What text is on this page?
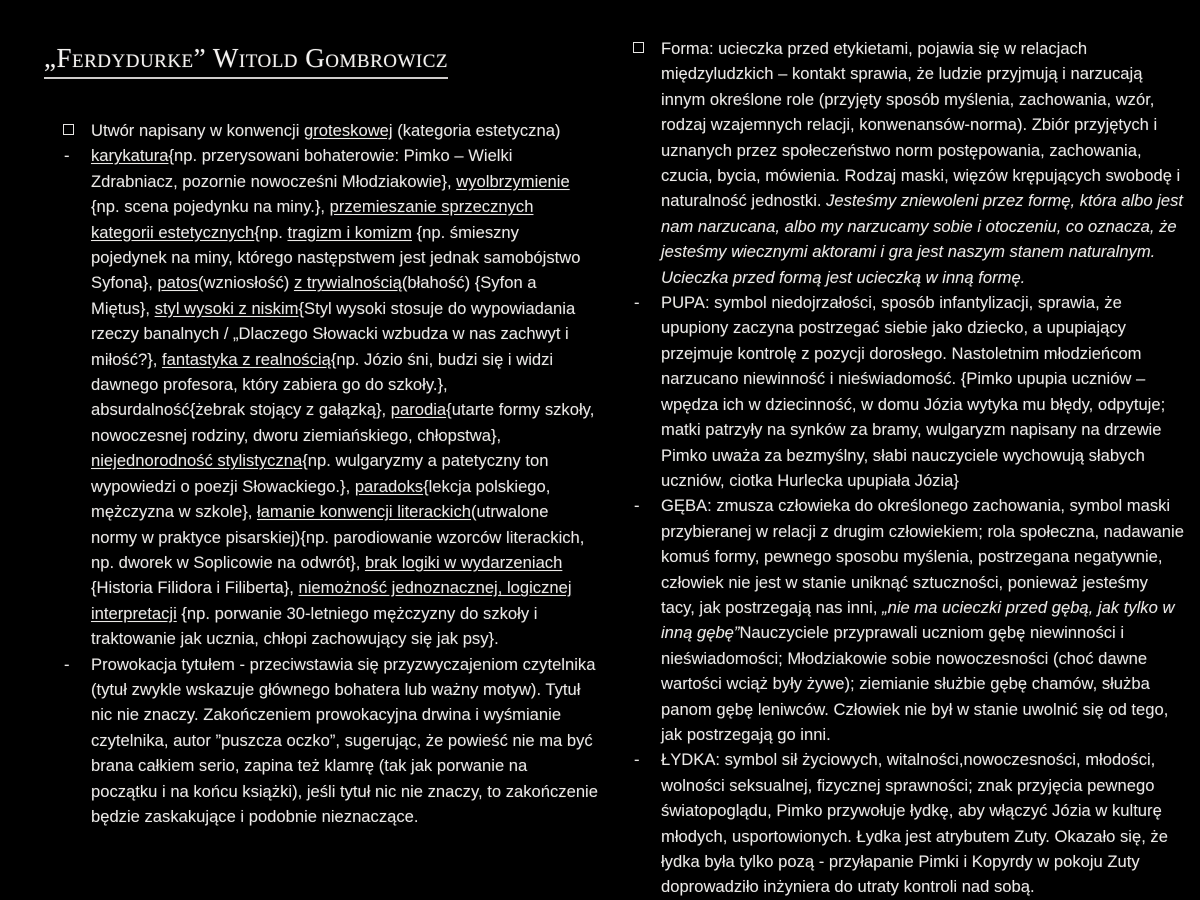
„Ferdydurke” Witold Gombrowicz
Utwór napisany w konwencji groteskowej (kategoria estetyczna)
- karykatura{np. przerysowani bohaterowie: Pimko – Wielki Zdrabniacz, pozornie nowocześni Młodziakowie}, wyolbrzymienie {np. scena pojedynku na miny.}, przemieszanie sprzecznych kategorii estetycznych{np. tragizm i komizm {np. śmieszny pojedynek na miny, którego następstwem jest jednak samobójstwo Syfona}, patos(wzniosłość) z trywialnością(błahość) {Syfon a Miętus}, styl wysoki z niskim{Styl wysoki stosuje do wypowiadania rzeczy banalnych / „Dlaczego Słowacki wzbudza w nas zachwyt i miłość?}, fantastyka z realnością{np. Józio śni, budzi się i widzi dawnego profesora, który zabiera go do szkoły.}, absurdalność{żebrak stojący z gałązką}, parodia{utarte formy szkoły, nowoczesnej rodziny, dworu ziemiańskiego, chłopstwa}, niejednorodność stylistyczna{np. wulgaryzmy a patetyczny ton wypowiedzi o poezji Słowackiego.}, paradoks{lekcja polskiego, mężczyzna w szkole}, łamanie konwencji literackich(utrwalone normy w praktyce pisarskiej){np. parodiowanie wzorców literackich, np. dworek w Soplicowie na odwrót}, brak logiki w wydarzeniach {Historia Filidora i Filiberta}, niemożność jednoznacznej, logicznej interpretacji {np. porwanie 30-letniego mężczyzny do szkoły i traktowanie jak ucznia, chłopi zachowujący się jak psy}.
- Prowokacja tytułem - przeciwstawia się przyzwyczajeniom czytelnika (tytuł zwykle wskazuje głównego bohatera lub ważny motyw). Tytuł nic nie znaczy. Zakończeniem prowokacyjna drwina i wyśmianie czytelnika, autor ”puszcza oczko”, sugerując, że powieść nie ma być brana całkiem serio, zapina też klamrę (tak jak porwanie na początku i na końcu książki), jeśli tytuł nic nie znaczy, to zakończenie będzie zaskakujące i podobnie nieznaczące.
Forma: ucieczka przed etykietami, pojawia się w relacjach międzyludzkich – kontakt sprawia, że ludzie przyjmują i narzucają innym określone role (przyjęty sposób myślenia, zachowania, wzór, rodzaj wzajemnych relacji, konwenansów-norma). Zbiór przyjętych i uznanych przez społeczeństwo norm postępowania, zachowania, czucia, bycia, mówienia. Rodzaj maski, więzów krępujących swobodę i naturalność jednostki. Jesteśmy zniewoleni przez formę, która albo jest nam narzucana, albo my narzucamy sobie i otoczeniu, co oznacza, że jesteśmy wiecznymi aktorami i gra jest naszym stanem naturalnym. Ucieczka przed formą jest ucieczką w inną formę.
- PUPA: symbol niedojrzałości, sposób infantylizacji, sprawia, że upupiony zaczyna postrzegać siebie jako dziecko, a upupiający przejmuje kontrolę z pozycji dorosłego. Nastoletnim młodzieńcom narzucano niewinność i nieświadomość. {Pimko upupia uczniów – wpędza ich w dziecinność, w domu Józia wytyka mu błędy, odpytuje; matki patrzyły na synków za bramy, wulgaryzm napisany na drzewie Pimko uważa za bezmyślny, słabi nauczyciele wychowują słabych uczniów, ciotka Hurlecka upupiała Józia}
- GĘBA: zmusza człowieka do określonego zachowania, symbol maski przybieranej w relacji z drugim człowiekiem; rola społeczna, nadawanie komuś formy, pewnego sposobu myślenia, postrzegana negatywnie, człowiek nie jest w stanie uniknąć sztuczności, ponieważ jesteśmy tacy, jak postrzegają nas inni, „nie ma ucieczki przed gębą, jak tylko w inną gębę”Nauczyciele przyprawali uczniom gębę niewinności i nieświadomości; Młodziakowie sobie nowoczesności (choć dawne wartości wciąż były żywe); ziemianie służbie gębę chamów, służba panom gębę leniwców. Człowiek nie był w stanie uwolnić się od tego, jak postrzegają go inni.
- ŁYDKA: symbol sił życiowych, witalności,nowoczesności, młodości, wolności seksualnej, fizycznej sprawności; znak przyjęcia pewnego światopoglądu, Pimko przywołuje łydkę, aby włączyć Józia w kulturę młodych, usportowionych. Łydka jest atrybutem Zuty. Okazało się, że łydka była tylko pozą - przyłapanie Pimki i Kopyrdy w pokoju Zuty doprowadziło inżyniera do utraty kontroli nad sobą.
